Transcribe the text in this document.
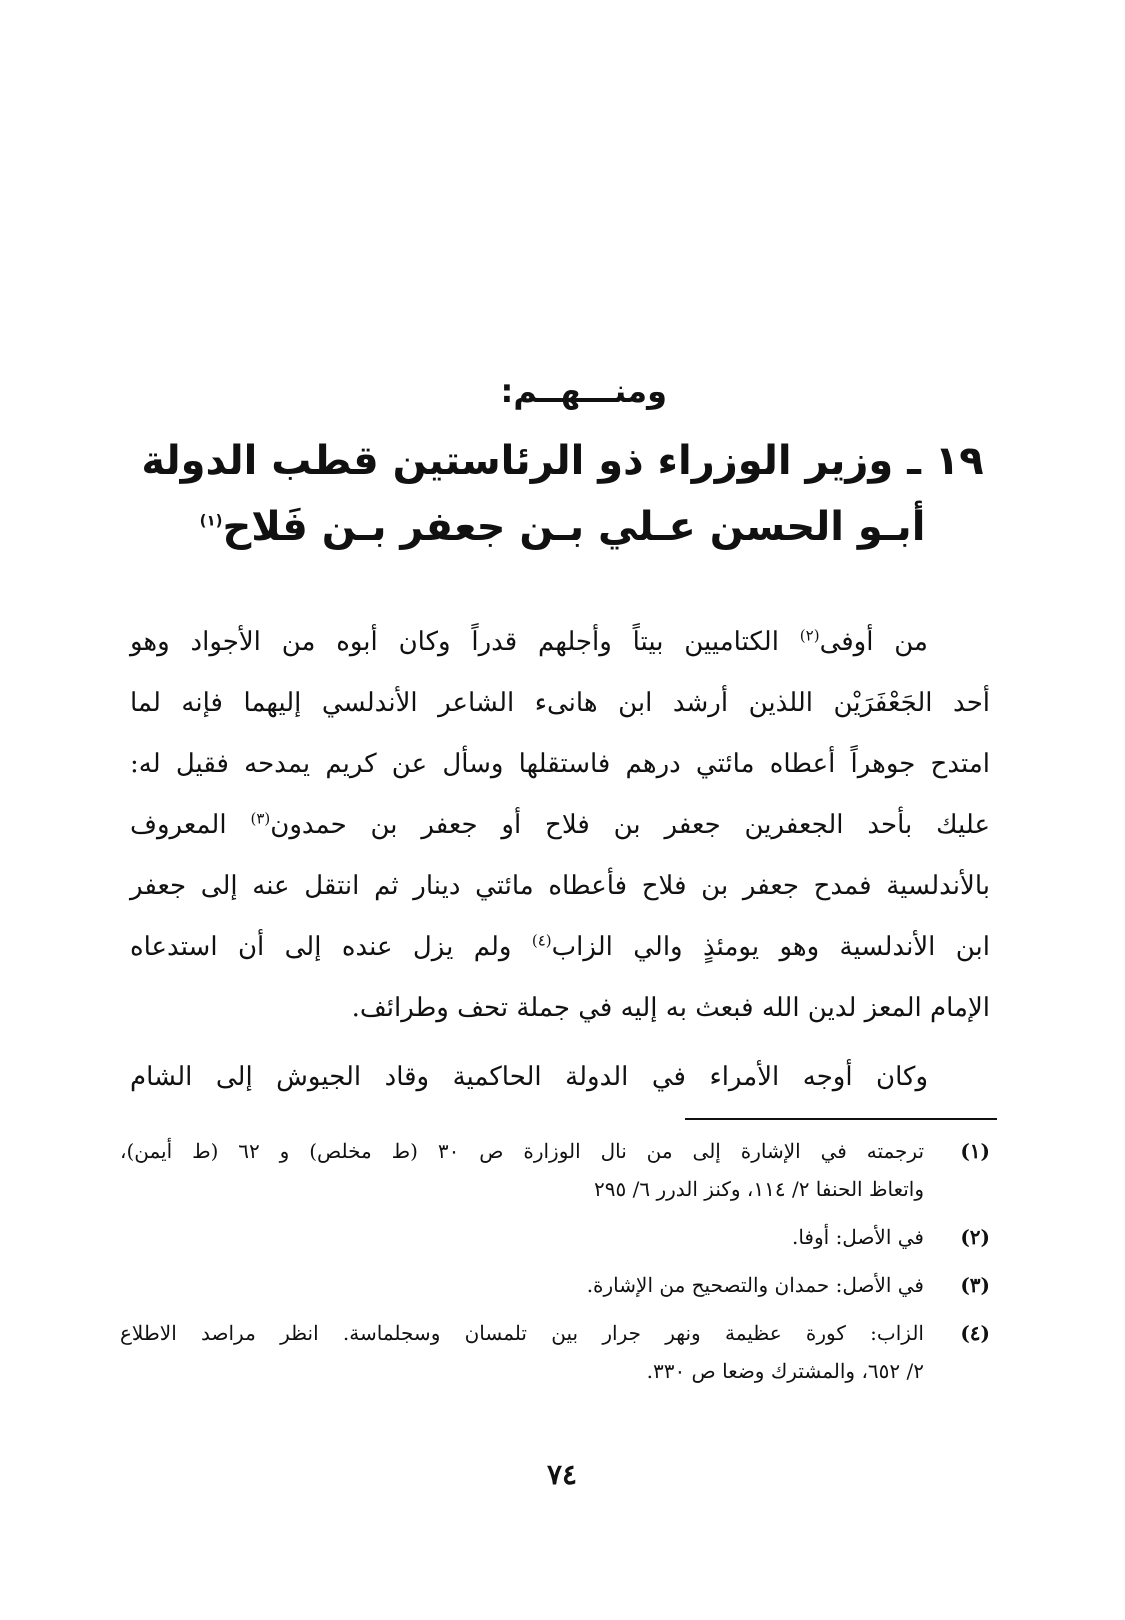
ومنـــهــم:
١٩ ـ وزير الوزراء ذو الرئاستين قطب الدولة
أبـو الحسن عـلي بـن جعفر بـن فَلاح$^{(١)}$
من أوفى$^{(٢)}$ الكتاميين بيتاً وأجلهم قدراً وكان أبوه من الأجواد وهو
أحد الجَعْفَرَيْن اللذين أرشد ابن هانىء الشاعر الأندلسي إليهما فإنه لما
امتدح جوهراً أعطاه مائتي درهم فاستقلها وسأل عن كريم يمدحه فقيل له:
عليك بأحد الجعفرين جعفر بن فلاح أو جعفر بن حمدون$^{(٣)}$ المعروف
بالأندلسية فمدح جعفر بن فلاح فأعطاه مائتي دينار ثم انتقل عنه إلى جعفر
ابن الأندلسية وهو يومئذٍ والي الزاب$^{(٤)}$ ولم يزل عنده إلى أن استدعاه
الإمام المعز لدين الله فبعث به إليه في جملة تحف وطرائف.
وكان أوجه الأمراء في الدولة الحاكمية وقاد الجيوش إلى الشام
(١)
ترجمته في الإشارة إلى من نال الوزارة ص ٣٠ (ط مخلص) و ٦٢ (ط أيمن)،
واتعاظ الحنفا ٢/ ١١٤، وكنز الدرر ٦/ ٢٩٥
(٢)
في الأصل: أوفا.
(٣)
في الأصل: حمدان والتصحيح من الإشارة.
(٤)
الزاب: كورة عظيمة ونهر جرار بين تلمسان وسجلماسة. انظر مراصد الاطلاع
٢/ ٦٥٢، والمشترك وضعا ص ٣٣٠.
٧٤
